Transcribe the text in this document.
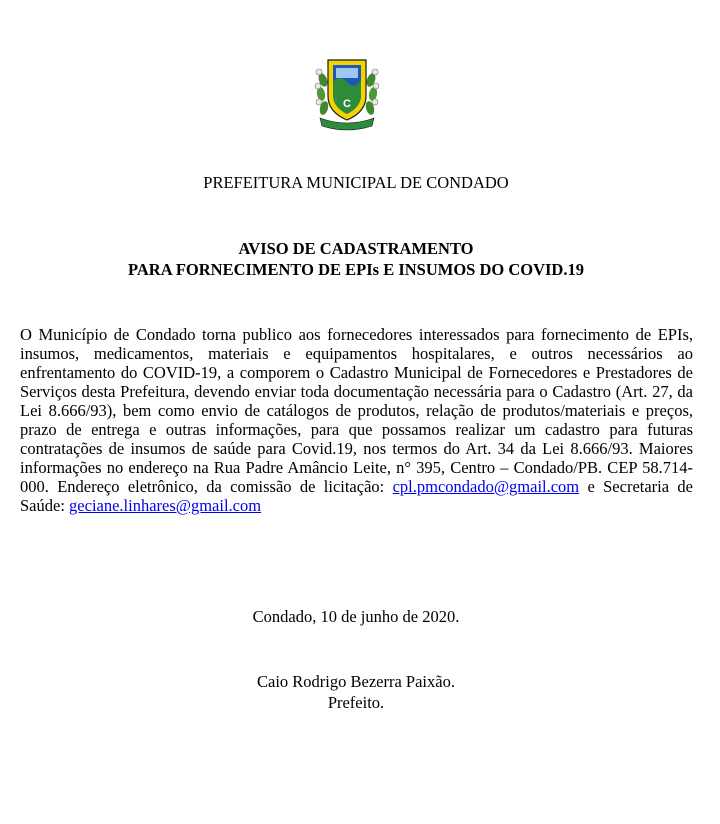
C
PREFEITURA MUNICIPAL DE CONDADO
AVISO DE CADASTRAMENTO
PARA FORNECIMENTO DE EPIs E INSUMOS DO COVID.19

O Município de Condado torna publico aos fornecedores interessados para fornecimento de EPIs, insumos, medicamentos, materiais e equipamentos hospitalares, e outros necessários ao enfrentamento do COVID-19, a comporem o Cadastro Municipal de Fornecedores e Prestadores de Serviços desta Prefeitura, devendo enviar toda documentação necessária para o Cadastro (Art. 27, da Lei 8.666/93), bem como envio de catálogos de produtos, relação de produtos/materiais e preços, prazo de entrega e outras informações, para que possamos realizar um cadastro para futuras contratações de insumos de saúde para Covid.19, nos termos do Art. 34 da Lei 8.666/93. Maiores informações no endereço na Rua Padre Amâncio Leite, n° 395, Centro – Condado/PB. CEP 58.714-000. Endereço eletrônico, da comissão de licitação: cpl.pmcondado@gmail.com e Secretaria de Saúde: geciane.linhares@gmail.com

Condado, 10 de junho de 2020.
Caio Rodrigo Bezerra Paixão.
Prefeito.
